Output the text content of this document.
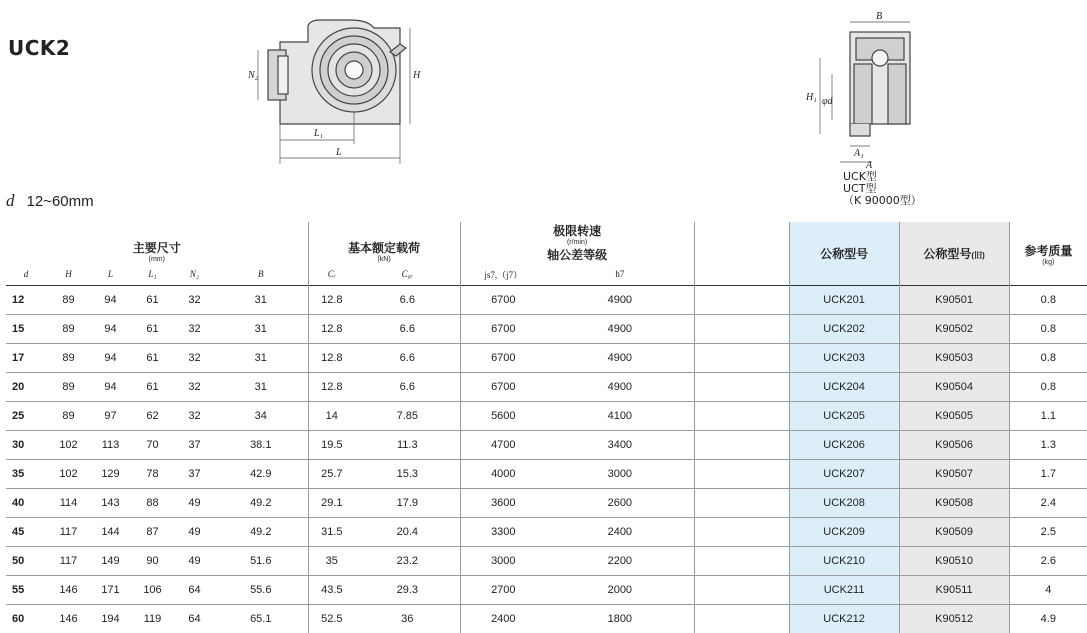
UCK2
H
N₂
L₁
L
B
H₁ φd
A₁
A
UCK型
UCT型
（K 90000型）
d 12~60mm
主要尺寸
(mm)						基本额定载荷
(kN)		极限转速
(r/min)
轴公差等级			公称型号	公称型号(旧)	参考质量
(kg)

d	H	L	L₁	N₂	B	Cᵣ	C₀ᵣ	js7,（j7）	h7				
12	89	94	61	32	31	12.8	6.6	6700	4900		UCK201	K90501	0.8
15	89	94	61	32	31	12.8	6.6	6700	4900		UCK202	K90502	0.8
17	89	94	61	32	31	12.8	6.6	6700	4900		UCK203	K90503	0.8
20	89	94	61	32	31	12.8	6.6	6700	4900		UCK204	K90504	0.8
25	89	97	62	32	34	14	7.85	5600	4100		UCK205	K90505	1.1
30	102	113	70	37	38.1	19.5	11.3	4700	3400		UCK206	K90506	1.3
35	102	129	78	37	42.9	25.7	15.3	4000	3000		UCK207	K90507	1.7
40	114	143	88	49	49.2	29.1	17.9	3600	2600		UCK208	K90508	2.4
45	117	144	87	49	49.2	31.5	20.4	3300	2400		UCK209	K90509	2.5
50	117	149	90	49	51.6	35	23.2	3000	2200		UCK210	K90510	2.6
55	146	171	106	64	55.6	43.5	29.3	2700	2000		UCK211	K90511	4
60	146	194	119	64	65.1	52.5	36	2400	1800		UCK212	K90512	4.9
